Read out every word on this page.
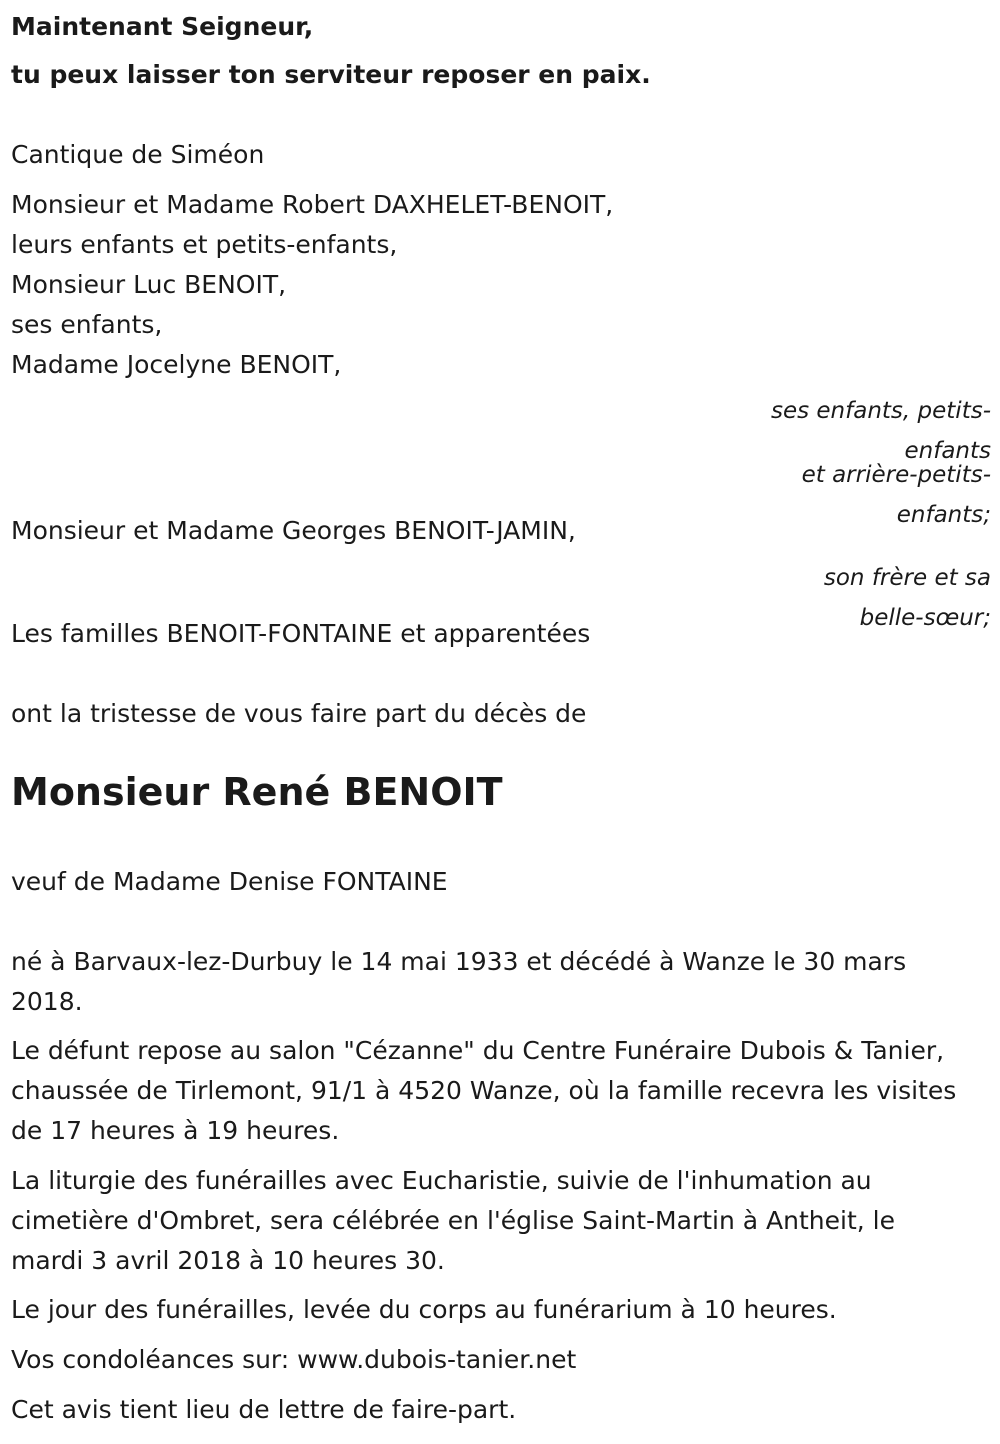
Maintenant Seigneur,

tu peux laisser ton serviteur reposer en paix.

Cantique de Siméon

Monsieur et Madame Robert DAXHELET-BENOIT,

leurs enfants et petits-enfants,

Monsieur Luc BENOIT,

ses enfants,

Madame Jocelyne BENOIT,

ses enfants, petits-

enfants

et arrière-petits-

enfants;

Monsieur et Madame Georges BENOIT-JAMIN,

son frère et sa

belle-sœur;

Les familles BENOIT-FONTAINE et apparentées

ont la tristesse de vous faire part du décès de

Monsieur René BENOIT

veuf de Madame Denise FONTAINE

né à Barvaux-lez-Durbuy le 14 mai 1933 et décédé à Wanze le 30 mars 2018.

Le défunt repose au salon "Cézanne" du Centre Funéraire Dubois & Tanier, chaussée de Tirlemont, 91/1 à 4520 Wanze, où la famille recevra les visites de 17 heures à 19 heures.

La liturgie des funérailles avec Eucharistie, suivie de l'inhumation au cimetière d'Ombret, sera célébrée en l'église Saint-Martin à Antheit, le mardi 3 avril 2018 à 10 heures 30.

Le jour des funérailles, levée du corps au funérarium à 10 heures.

Vos condoléances sur: www.dubois-tanier.net

Cet avis tient lieu de lettre de faire-part.
